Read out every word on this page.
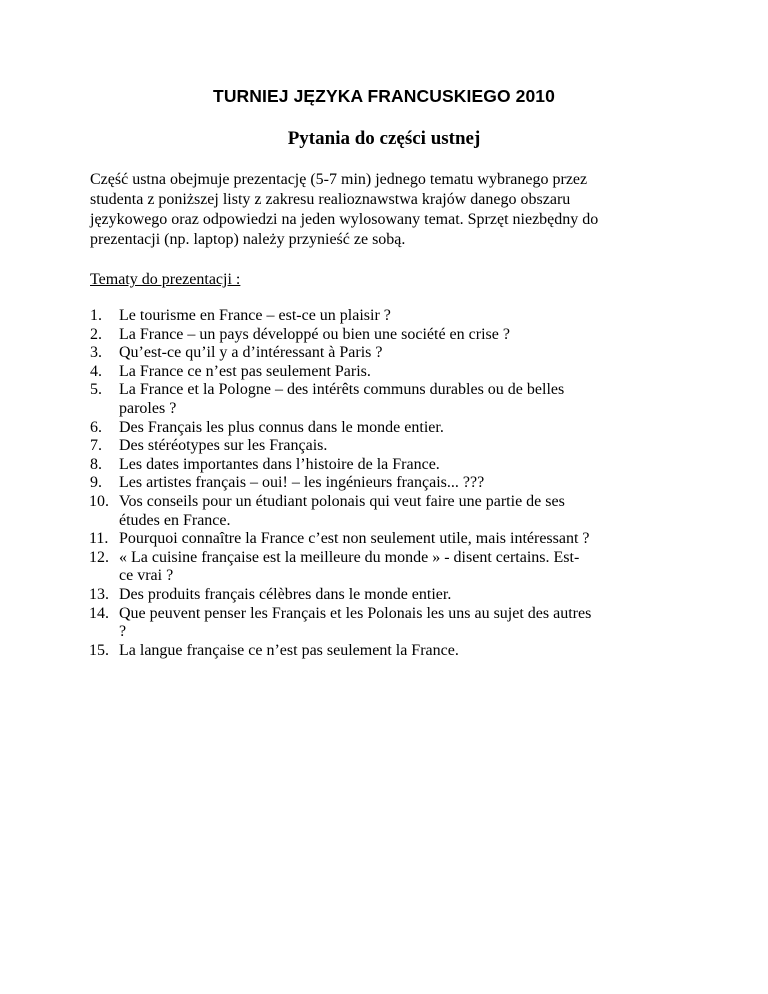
TURNIEJ JĘZYKA FRANCUSKIEGO 2010
Pytania do części ustnej

Część ustna obejmuje prezentację (5-7 min) jednego tematu wybranego przez
studenta z poniższej listy z zakresu realioznawstwa krajów danego obszaru
językowego oraz odpowiedzi na jeden wylosowany temat. Sprzęt niezbędny do
prezentacji (np. laptop) należy przynieść ze sobą.

Tematy do prezentacji :

1. Le tourisme en France – est-ce un plaisir ?
2. La France – un pays développé ou bien une société en crise ?
3. Qu’est-ce qu’il y a d’intéressant à Paris ?
4. La France ce n’est pas seulement Paris.
5. La France et la Pologne – des intérêts communs durables ou de belles
paroles ?
6. Des Français les plus connus dans le monde entier.
7. Des stéréotypes sur les Français.
8. Les dates importantes dans l’histoire de la France.
9. Les artistes français – oui! – les ingénieurs français... ???
10. Vos conseils pour un étudiant polonais qui veut faire une partie de ses
études en France.
11. Pourquoi connaître la France c’est non seulement utile, mais intéressant ?
12. « La cuisine française est la meilleure du monde » - disent certains. Est-
ce vrai ?
13. Des produits français célèbres dans le monde entier.
14. Que peuvent penser les Français et les Polonais les uns au sujet des autres
?
15. La langue française ce n’est pas seulement la France.
